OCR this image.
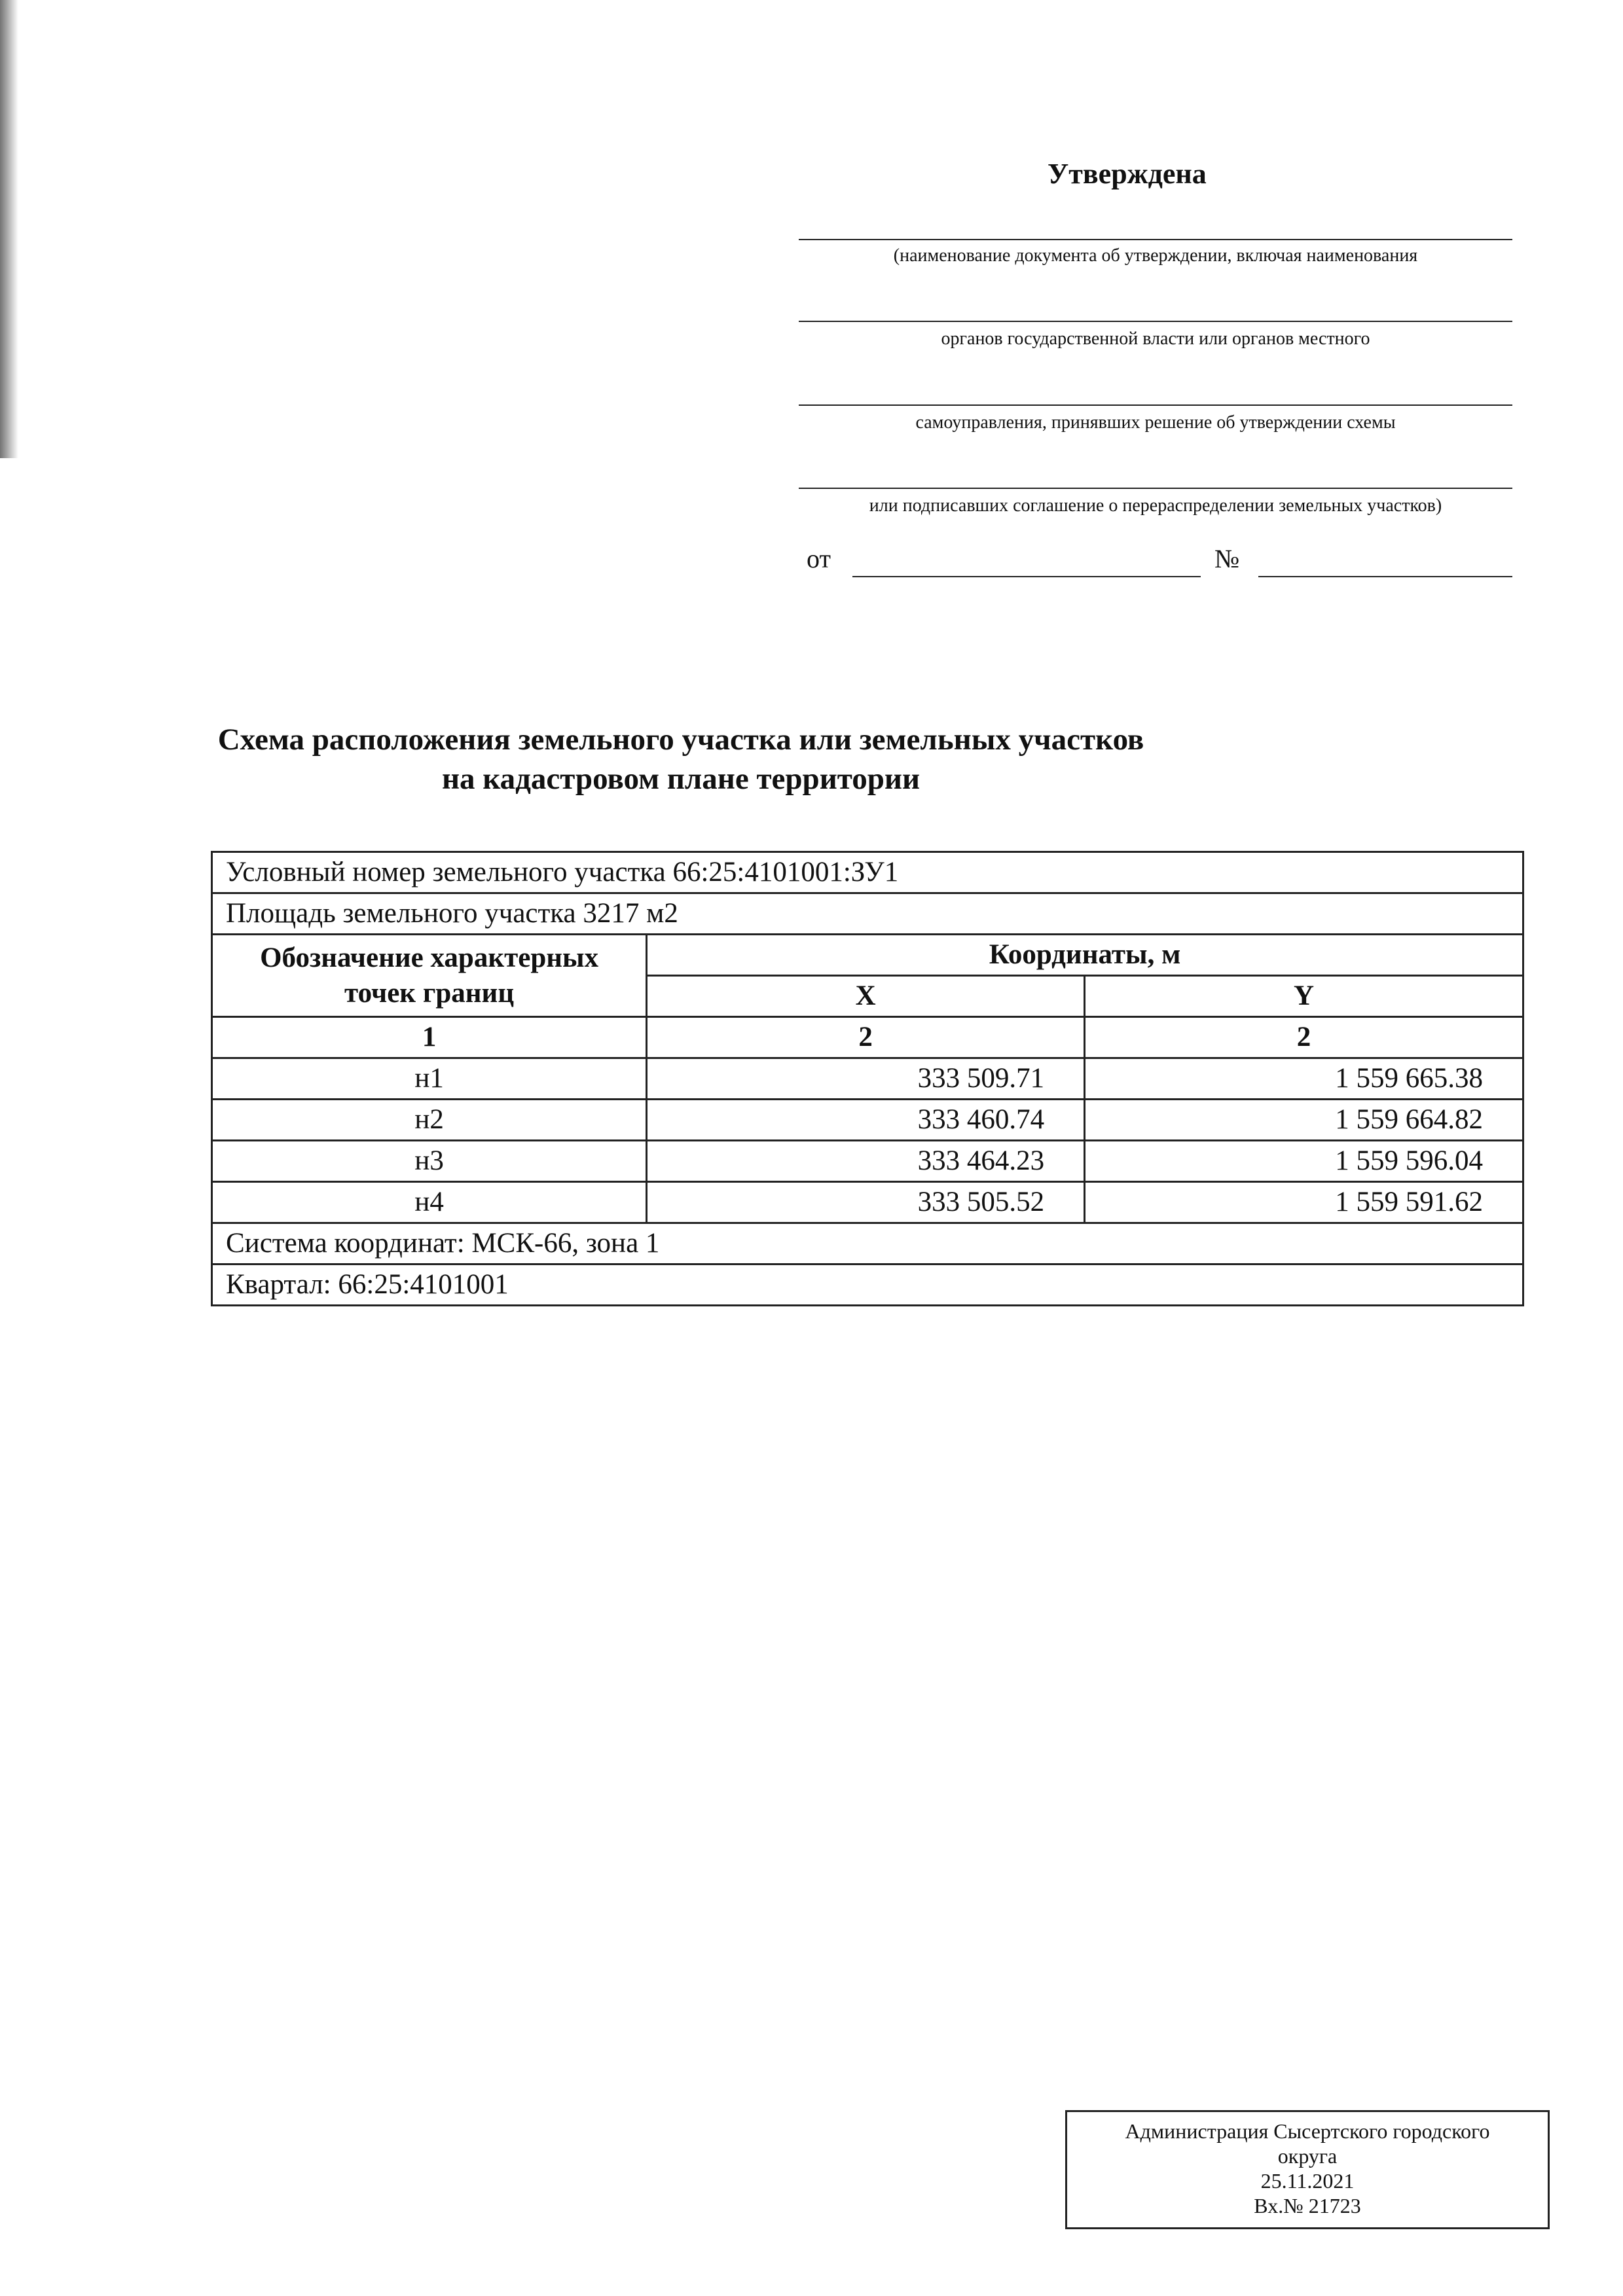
Утверждена
(наименование документа об утверждении, включая наименования
органов государственной власти или органов местного
самоуправления, принявших решение об утверждении схемы
или подписавших соглашение о перераспределении земельных участков)
от	№
Схема расположения земельного участка или земельных участков
на кадастровом плане территории
Условный номер земельного участка 66:25:4101001:ЗУ1		
Площадь земельного участка 3217 м2		
Обозначение характерных точек границ	Координаты, м	
	X	Y
1	2	2
н1	333 509.71	1 559 665.38
н2	333 460.74	1 559 664.82
н3	333 464.23	1 559 596.04
н4	333 505.52	1 559 591.62
Система координат: МСК-66, зона 1		
Квартал: 66:25:4101001		
Администрация Сысертского городского
округа
25.11.2021
Вх.№ 21723
